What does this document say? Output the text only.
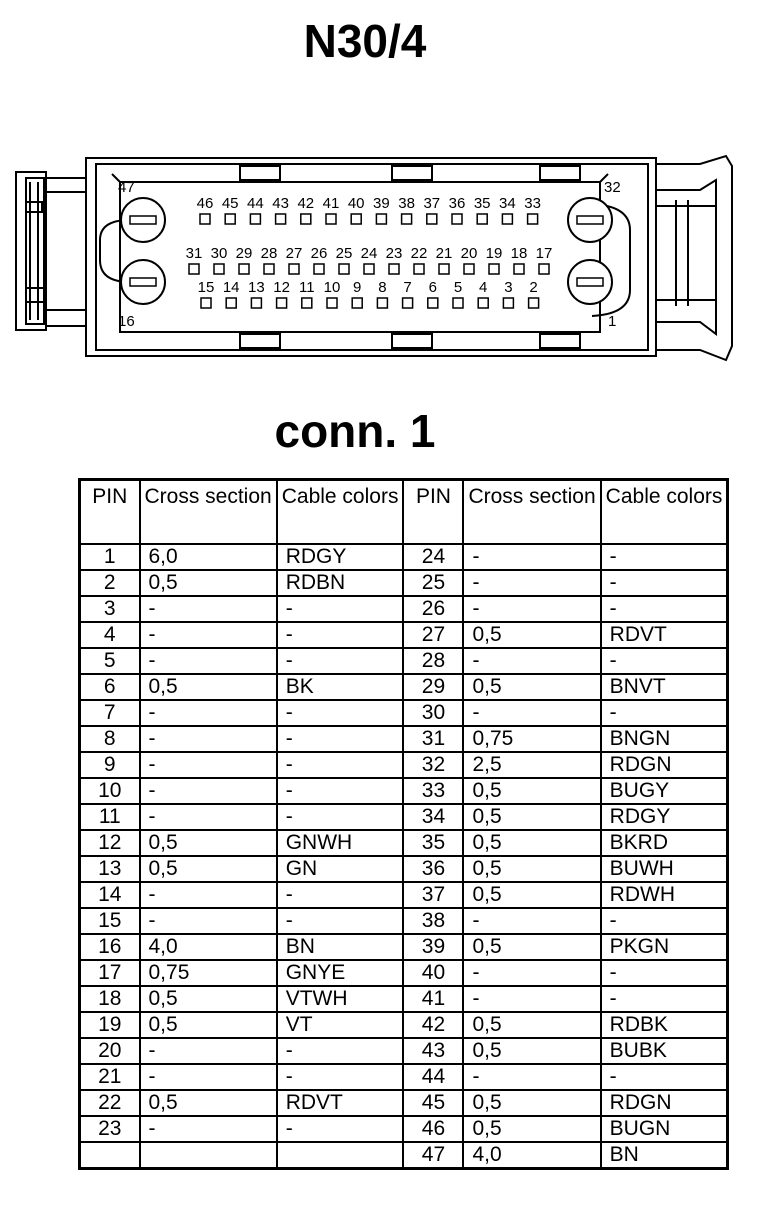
N30/4
46 45 44 43 42 41 40 39 38 37 36 35 34 33
31 30 29 28 27 26 25 24 23 22 21 20 19 18 17
15 14 13 12 11 10 9 8 7 6 5 4 3 2
47	32
16	1
conn. 1
PIN	Cross section	Cable colors	PIN	Cross section	Cable colors
1	6,0	RDGY	24	-	-
2	0,5	RDBN	25	-	-
3	-	-	26	-	-
4	-	-	27	0,5	RDVT
5	-	-	28	-	-
6	0,5	BK	29	0,5	BNVT
7	-	-	30	-	-
8	-	-	31	0,75	BNGN
9	-	-	32	2,5	RDGN
10	-	-	33	0,5	BUGY
11	-	-	34	0,5	RDGY
12	0,5	GNWH	35	0,5	BKRD
13	0,5	GN	36	0,5	BUWH
14	-	-	37	0,5	RDWH
15	-	-	38	-	-
16	4,0	BN	39	0,5	PKGN
17	0,75	GNYE	40	-	-
18	0,5	VTWH	41	-	-
19	0,5	VT	42	0,5	RDBK
20	-	-	43	0,5	BUBK
21	-	-	44	-	-
22	0,5	RDVT	45	0,5	RDGN
23	-	-	46	0,5	BUGN
			47	4,0	BN
